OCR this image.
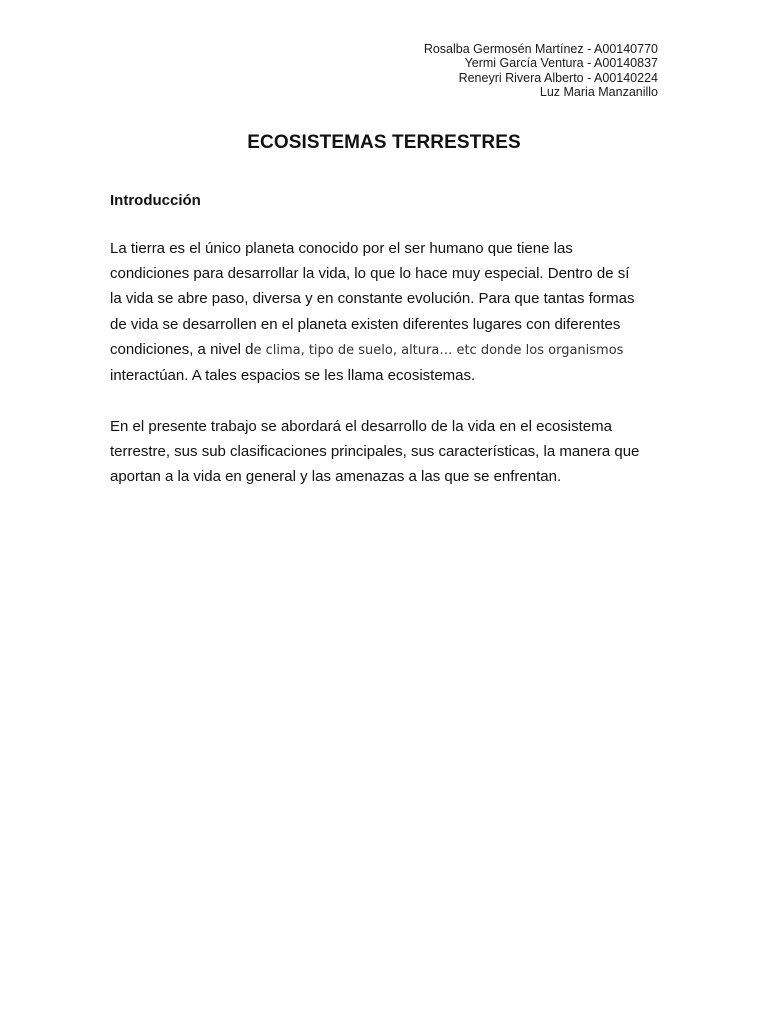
Rosalba Germosén Martínez - A00140770
Yermi García Ventura - A00140837
Reneyri Rivera Alberto - A00140224
Luz Maria Manzanillo
ECOSISTEMAS TERRESTRES
Introducción
La tierra es el único planeta conocido por el ser humano que tiene las
condiciones para desarrollar la vida, lo que lo hace muy especial. Dentro de sí
la vida se abre paso, diversa y en constante evolución. Para que tantas formas
de vida se desarrollen en el planeta existen diferentes lugares con diferentes
condiciones, a nivel de clima, tipo de suelo, altura… etc donde los organismos
interactúan. A tales espacios se les llama ecosistemas.
En el presente trabajo se abordará el desarrollo de la vida en el ecosistema
terrestre, sus sub clasificaciones principales, sus características, la manera que
aportan a la vida en general y las amenazas a las que se enfrentan.
